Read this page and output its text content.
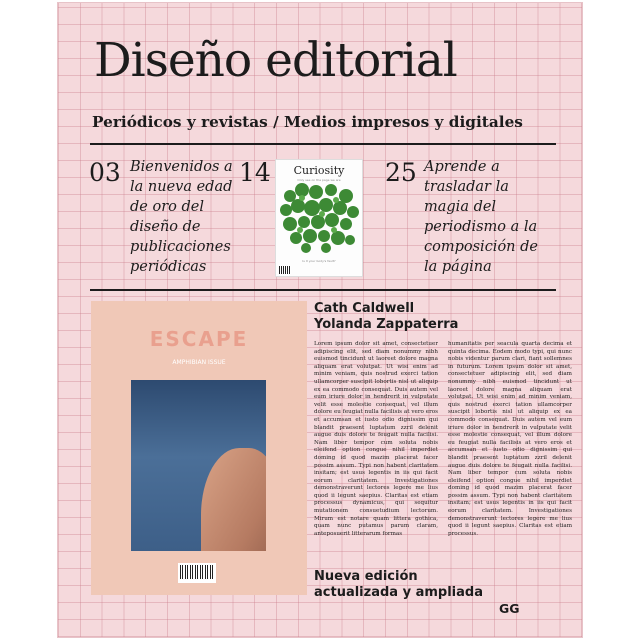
Diseño editorial
Periódicos y revistas / Medios impresos y digitales
03 Bienvenidos a la nueva edad de oro del diseño de publicaciones periódicas
14	Curiosity
Only see on the page we are
Is it your body's fault?
25 Aprende a trasladar la magia del periodismo a la composición de la página
ESCAPE
AMPHIBIAN ISSUE
Cath Caldwell
Yolanda Zappaterra
Lorem ipsum dolor sit amet, consectetuer adipiscing elit, sed diam nonummy nibh euismod tincidunt ut laoreet dolore magna aliquam erat volutpat. Ut wisi enim ad minim veniam, quis nostrud exerci tation ullamcorper suscipit lobortis nisl ut aliquip ex ea commodo consequat. Duis autem vel eum iriure dolor in hendrerit in vulputate velit esse molestie consequat, vel illum dolore eu feugiat nulla facilisis at vero eros et accumsan et iusto odio dignissim qui blandit praesent luptatum zzril delenit augue duis dolore te feugait nulla facilisi. Nam liber tempor cum soluta nobis eleifend option congue nihil imperdiet doming id quod mazim placerat facer possim assum. Typi non habent claritatem insitam; est usus legentis in iis qui facit eorum claritatem. Investigationes demonstraverunt lectores legere me lius quod ii legunt saepius. Claritas est etiam processus dynamicus, qui sequitur mutationem consuetudium lectorum. Mirum est notare quam littera gothica, quam nunc putamus parum claram, anteposuerit litterarum formas
humanitatis per seacula quarta decima et quinta decima. Eodem modo typi, qui nunc nobis videntur parum clari, fiant sollemnes in futurum. Lorem ipsum dolor sit amet, consectetuer adipiscing elit, sed diam nonummy nibh euismod tincidunt ut laoreet dolore magna aliquam erat volutpat. Ut wisi enim ad minim veniam, quis nostrud exerci tation ullamcorper suscipit lobortis nisl ut aliquip ex ea commodo consequat. Duis autem vel eum iriure dolor in hendrerit in vulputate velit esse molestie consequat, vel illum dolore eu feugiat nulla facilisis at vero eros et accumsan et iusto odio dignissim qui blandit praesent luptatum zzril delenit augue duis dolore te feugait nulla facilisi. Nam liber tempor cum soluta nobis eleifend option congue nihil imperdiet doming id quod mazim placerat facer possim assum. Typi non habent claritatem insitam; est usus legentis in iis qui facit eorum claritatem. Investigationes demonstraverunt lectores legere me lius quod ii legunt saepius. Claritas est etiam processus.
Nueva edición
actualizada y ampliada
GG
